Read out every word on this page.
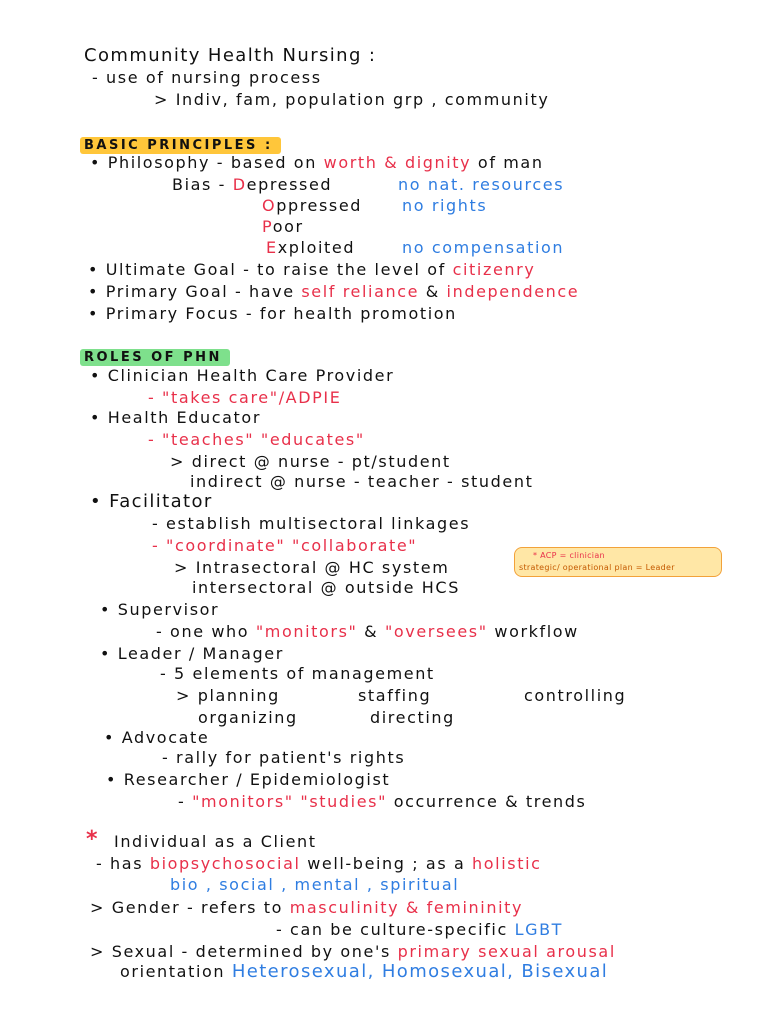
Community Health Nursing :
- use of nursing process
> Indiv, fam, population grp , community
BASIC PRINCIPLES :
• Philosophy - based on worth & dignity of man
Bias - Depressed	no nat. resources
Oppressed no rights
Poor
Exploited	no compensation
• Ultimate Goal - to raise the level of citizenry
• Primary Goal - have self reliance & independence
• Primary Focus - for health promotion
ROLES OF PHN
• Clinician Health Care Provider
- "takes care"/ADPIE
• Health Educator
- "teaches" "educates"
> direct @ nurse - pt/student
indirect @ nurse - teacher - student
• Facilitator
- establish multisectoral linkages
- "coordinate" "collaborate"
> Intrasectoral @ HC system
intersectoral @ outside HCS
* ACP = clinician
strategic/ operational plan = Leader
• Supervisor
- one who "monitors" & "oversees" workflow
• Leader / Manager
- 5 elements of management
> planning	staffing	controlling
organizing	directing
• Advocate
- rally for patient's rights
• Researcher / Epidemiologist
- "monitors" "studies" occurrence & trends
* Individual as a Client
- has biopsychosocial well-being ; as a holistic
bio , social , mental , spiritual
> Gender - refers to masculinity & femininity
- can be culture-specific LGBT
> Sexual - determined by one's primary sexual arousal
orientation Heterosexual, Homosexual, Bisexual
